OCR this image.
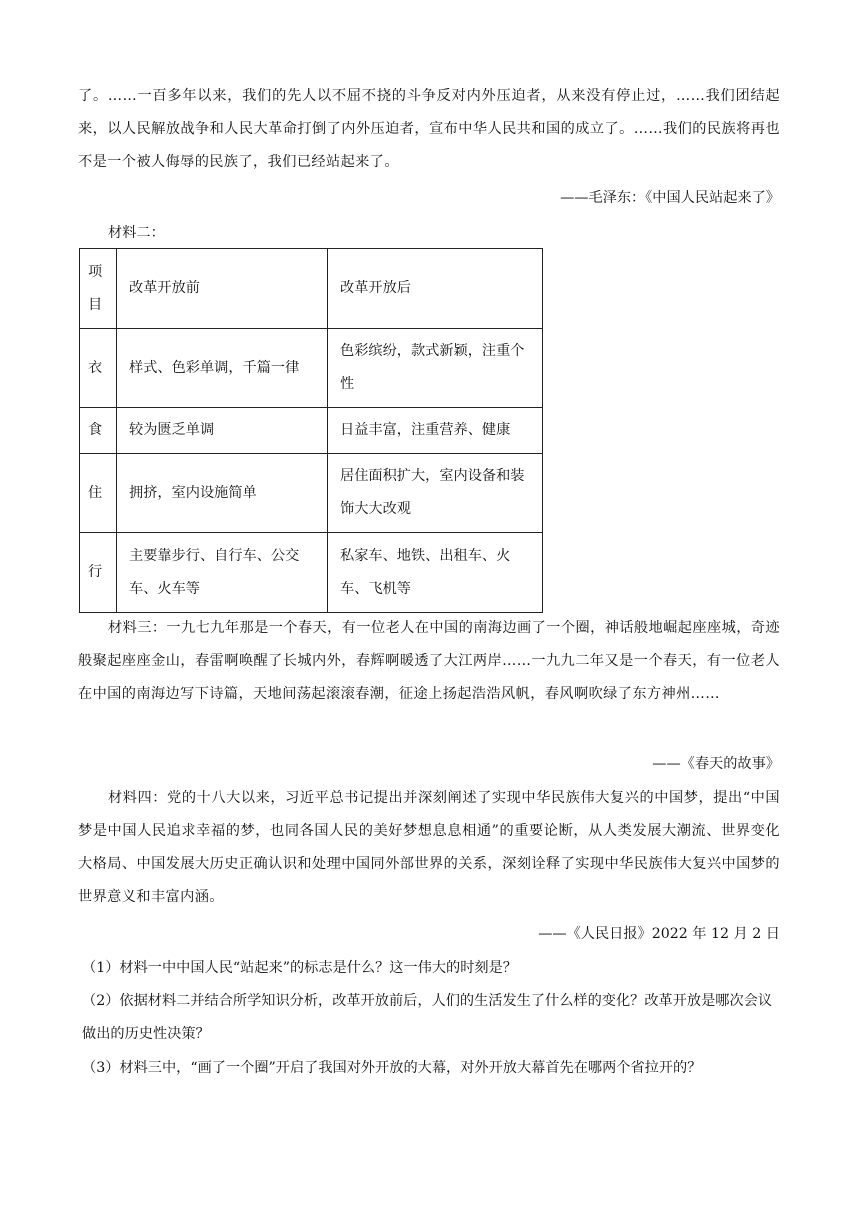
了。……一百多年以来，我们的先人以不屈不挠的斗争反对内外压迫者，从来没有停止过，……我们团结起来，以人民解放战争和人民大革命打倒了内外压迫者，宣布中华人民共和国的成立了。……我们的民族将再也不是一个被人侮辱的民族了，我们已经站起来了。
——毛泽东：《中国人民站起来了》
材料二：
项目	改革开放前	改革开放后
衣	样式、色彩单调，千篇一律	色彩缤纷，款式新颖，注重个性
食	较为匮乏单调	日益丰富，注重营养、健康
住	拥挤，室内设施简单	居住面积扩大，室内设备和装饰大大改观
行	主要靠步行、自行车、公交车、火车等	私家车、地铁、出租车、火车、飞机等
材料三：一九七九年那是一个春天，有一位老人在中国的南海边画了一个圈，神话般地崛起座座城，奇迹般聚起座座金山，春雷啊唤醒了长城内外，春辉啊暖透了大江两岸……一九九二年又是一个春天，有一位老人在中国的南海边写下诗篇，天地间荡起滚滚春潮，征途上扬起浩浩风帆，春风啊吹绿了东方神州……
——《春天的故事》
材料四：党的十八大以来，习近平总书记提出并深刻阐述了实现中华民族伟大复兴的中国梦，提出“中国梦是中国人民追求幸福的梦，也同各国人民的美好梦想息息相通”的重要论断，从人类发展大潮流、世界变化大格局、中国发展大历史正确认识和处理中国同外部世界的关系，深刻诠释了实现中华民族伟大复兴中国梦的世界意义和丰富内涵。
——《人民日报》2022 年 12 月 2 日
（1）材料一中中国人民“站起来”的标志是什么？这一伟大的时刻是？
（2）依据材料二并结合所学知识分析，改革开放前后，人们的生活发生了什么样的变化？改革开放是哪次会议做出的历史性决策？
（3）材料三中，“画了一个圈”开启了我国对外开放的大幕，对外开放大幕首先在哪两个省拉开的？
